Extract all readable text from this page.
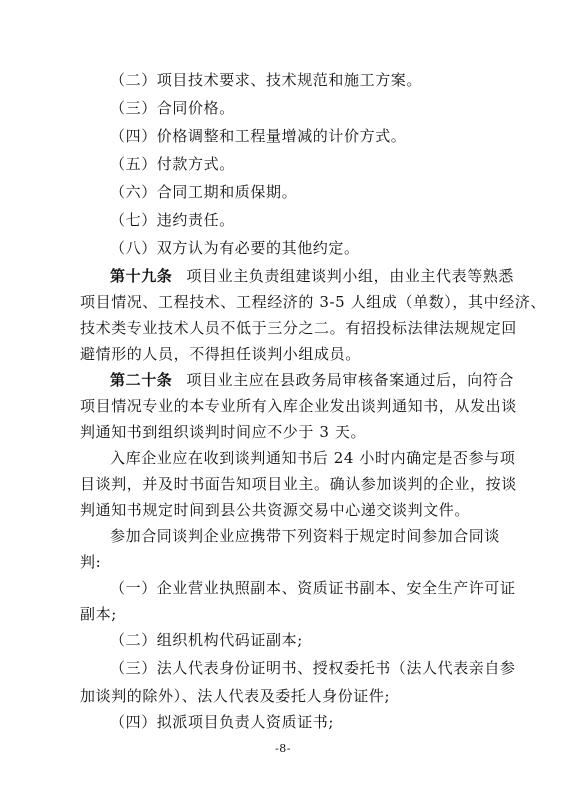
（二）项目技术要求、技术规范和施工方案。
（三）合同价格。
（四）价格调整和工程量增减的计价方式。
（五）付款方式。
（六）合同工期和质保期。
（七）违约责任。
（八）双方认为有必要的其他约定。
第十九条 项目业主负责组建谈判小组，由业主代表等熟悉
项目情况、工程技术、工程经济的 3-5 人组成（单数），其中经济、
技术类专业技术人员不低于三分之二。有招投标法律法规规定回
避情形的人员，不得担任谈判小组成员。
第二十条 项目业主应在县政务局审核备案通过后，向符合
项目情况专业的本专业所有入库企业发出谈判通知书，从发出谈
判通知书到组织谈判时间应不少于 3 天。
入库企业应在收到谈判通知书后 24 小时内确定是否参与项
目谈判，并及时书面告知项目业主。确认参加谈判的企业，按谈
判通知书规定时间到县公共资源交易中心递交谈判文件。
参加合同谈判企业应携带下列资料于规定时间参加合同谈
判:
（一）企业营业执照副本、资质证书副本、安全生产许可证
副本;
（二）组织机构代码证副本;
（三）法人代表身份证明书、授权委托书（法人代表亲自参
加谈判的除外）、法人代表及委托人身份证件;
-8-
（四）拟派项目负责人资质证书;
